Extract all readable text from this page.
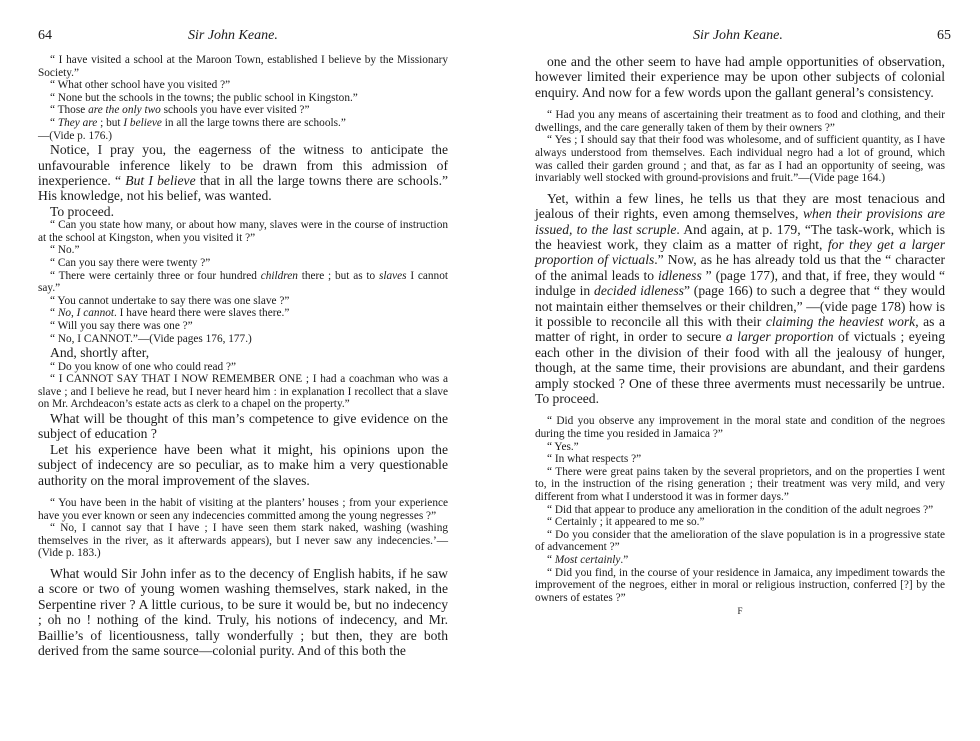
64	Sir John Keane.

“ I have visited a school at the Maroon Town, established I believe by the Missionary Society.”

“ What other school have you visited ?”

“ None but the schools in the towns; the public school in Kingston.”

“ Those are the only two schools you have ever visited ?”

“ They are ; but I believe in all the large towns there are schools.”

—(Vide p. 176.)

Notice, I pray you, the eagerness of the witness to anticipate the unfavourable inference likely to be drawn from this admission of inexperience. “ But I believe that in all the large towns there are schools.” His knowledge, not his belief, was wanted.

To proceed.

“ Can you state how many, or about how many, slaves were in the course of instruction at the school at Kingston, when you visited it ?”

“ No.”

“ Can you say there were twenty ?”

“ There were certainly three or four hundred children there ; but as to slaves I cannot say.”

“ You cannot undertake to say there was one slave ?”

“ No, I cannot. I have heard there were slaves there.”

“ Will you say there was one ?”

“ No, I CANNOT.”—(Vide pages 176, 177.)

And, shortly after,

“ Do you know of one who could read ?”

“ I CANNOT SAY THAT I NOW REMEMBER ONE ; I had a coachman who was a slave ; and I believe he read, but I never heard him : in explanation I recollect that a slave on Mr. Archdeacon’s estate acts as clerk to a chapel on the property.”

What will be thought of this man’s competence to give evidence on the subject of education ?

Let his experience have been what it might, his opinions upon the subject of indecency are so peculiar, as to make him a very questionable authority on the moral improvement of the slaves.

“ You have been in the habit of visiting at the planters’ houses ; from your experience have you ever known or seen any indecencies committed among the young negresses ?”

“ No, I cannot say that I have ; I have seen them stark naked, washing (washing themselves in the river, as it afterwards appears), but I never saw any indecencies.’—(Vide p. 183.)

What would Sir John infer as to the decency of English habits, if he saw a score or two of young women washing themselves, stark naked, in the Serpentine river ? A little curious, to be sure it would be, but no indecency ; oh no ! nothing of the kind. Truly, his notions of indecency, and Mr. Baillie’s of licentiousness, tally wonderfully ; but then, they are both derived from the same source—colonial purity. And of this both the

Sir John Keane.	65

one and the other seem to have had ample opportunities of observation, however limited their experience may be upon other subjects of colonial enquiry. And now for a few words upon the gallant general’s consistency.

“ Had you any means of ascertaining their treatment as to food and clothing, and their dwellings, and the care generally taken of them by their owners ?”

“ Yes ; I should say that their food was wholesome, and of sufficient quantity, as I have always understood from themselves. Each individual negro had a lot of ground, which was called their garden ground ; and that, as far as I had an opportunity of seeing, was invariably well stocked with ground-provisions and fruit.”—(Vide page 164.)

Yet, within a few lines, he tells us that they are most tenacious and jealous of their rights, even among themselves, when their provisions are issued, to the last scruple. And again, at p. 179, “The task-work, which is the heaviest work, they claim as a matter of right, for they get a larger proportion of victuals.” Now, as he has already told us that the “ character of the animal leads to idleness ” (page 177), and that, if free, they would “ indulge in decided idleness” (page 166) to such a degree that “ they would not maintain either themselves or their children,” —(vide page 178) how is it possible to reconcile all this with their claiming the heaviest work, as a matter of right, in order to secure a larger proportion of victuals ; eyeing each other in the division of their food with all the jealousy of hunger, though, at the same time, their provisions are abundant, and their gardens amply stocked ? One of these three averments must necessarily be untrue. To proceed.

“ Did you observe any improvement in the moral state and condition of the negroes during the time you resided in Jamaica ?”

“ Yes.”

“ In what respects ?”

“ There were great pains taken by the several proprietors, and on the properties I went to, in the instruction of the rising generation ; their treatment was very mild, and very different from what I understood it was in former days.”

“ Did that appear to produce any amelioration in the condition of the adult negroes ?”

“ Certainly ; it appeared to me so.”

“ Do you consider that the amelioration of the slave population is in a progressive state of advancement ?”

“ Most certainly.”

“ Did you find, in the course of your residence in Jamaica, any impediment towards the improvement of the negroes, either in moral or religious instruction, conferred [?] by the owners of estates ?”

F
